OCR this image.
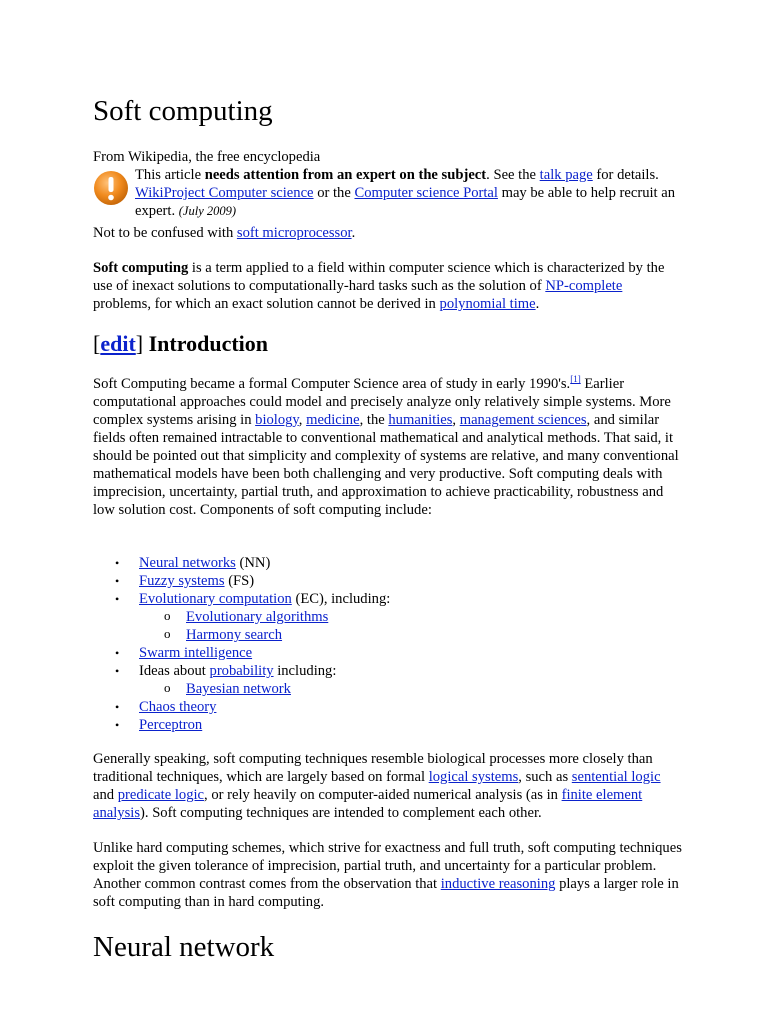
Soft computing

From Wikipedia, the free encyclopedia

This article needs attention from an expert on the subject. See the talk page for details. WikiProject Computer science or the Computer science Portal may be able to help recruit an expert. (July 2009)

Not to be confused with soft microprocessor.

Soft computing is a term applied to a field within computer science which is characterized by the use of inexact solutions to computationally-hard tasks such as the solution of NP-complete problems, for which an exact solution cannot be derived in polynomial time.

[edit] Introduction

Soft Computing became a formal Computer Science area of study in early 1990's.[1] Earlier computational approaches could model and precisely analyze only relatively simple systems. More complex systems arising in biology, medicine, the humanities, management sciences, and similar fields often remained intractable to conventional mathematical and analytical methods. That said, it should be pointed out that simplicity and complexity of systems are relative, and many conventional mathematical models have been both challenging and very productive. Soft computing deals with imprecision, uncertainty, partial truth, and approximation to achieve practicability, robustness and low solution cost. Components of soft computing include:

• Neural networks (NN)
• Fuzzy systems (FS)
• Evolutionary computation (EC), including:
o Evolutionary algorithms
o Harmony search
• Swarm intelligence
• Ideas about probability including:
o Bayesian network
• Chaos theory
• Perceptron

Generally speaking, soft computing techniques resemble biological processes more closely than traditional techniques, which are largely based on formal logical systems, such as sentential logic and predicate logic, or rely heavily on computer-aided numerical analysis (as in finite element analysis). Soft computing techniques are intended to complement each other.

Unlike hard computing schemes, which strive for exactness and full truth, soft computing techniques exploit the given tolerance of imprecision, partial truth, and uncertainty for a particular problem. Another common contrast comes from the observation that inductive reasoning plays a larger role in soft computing than in hard computing.

Neural network
